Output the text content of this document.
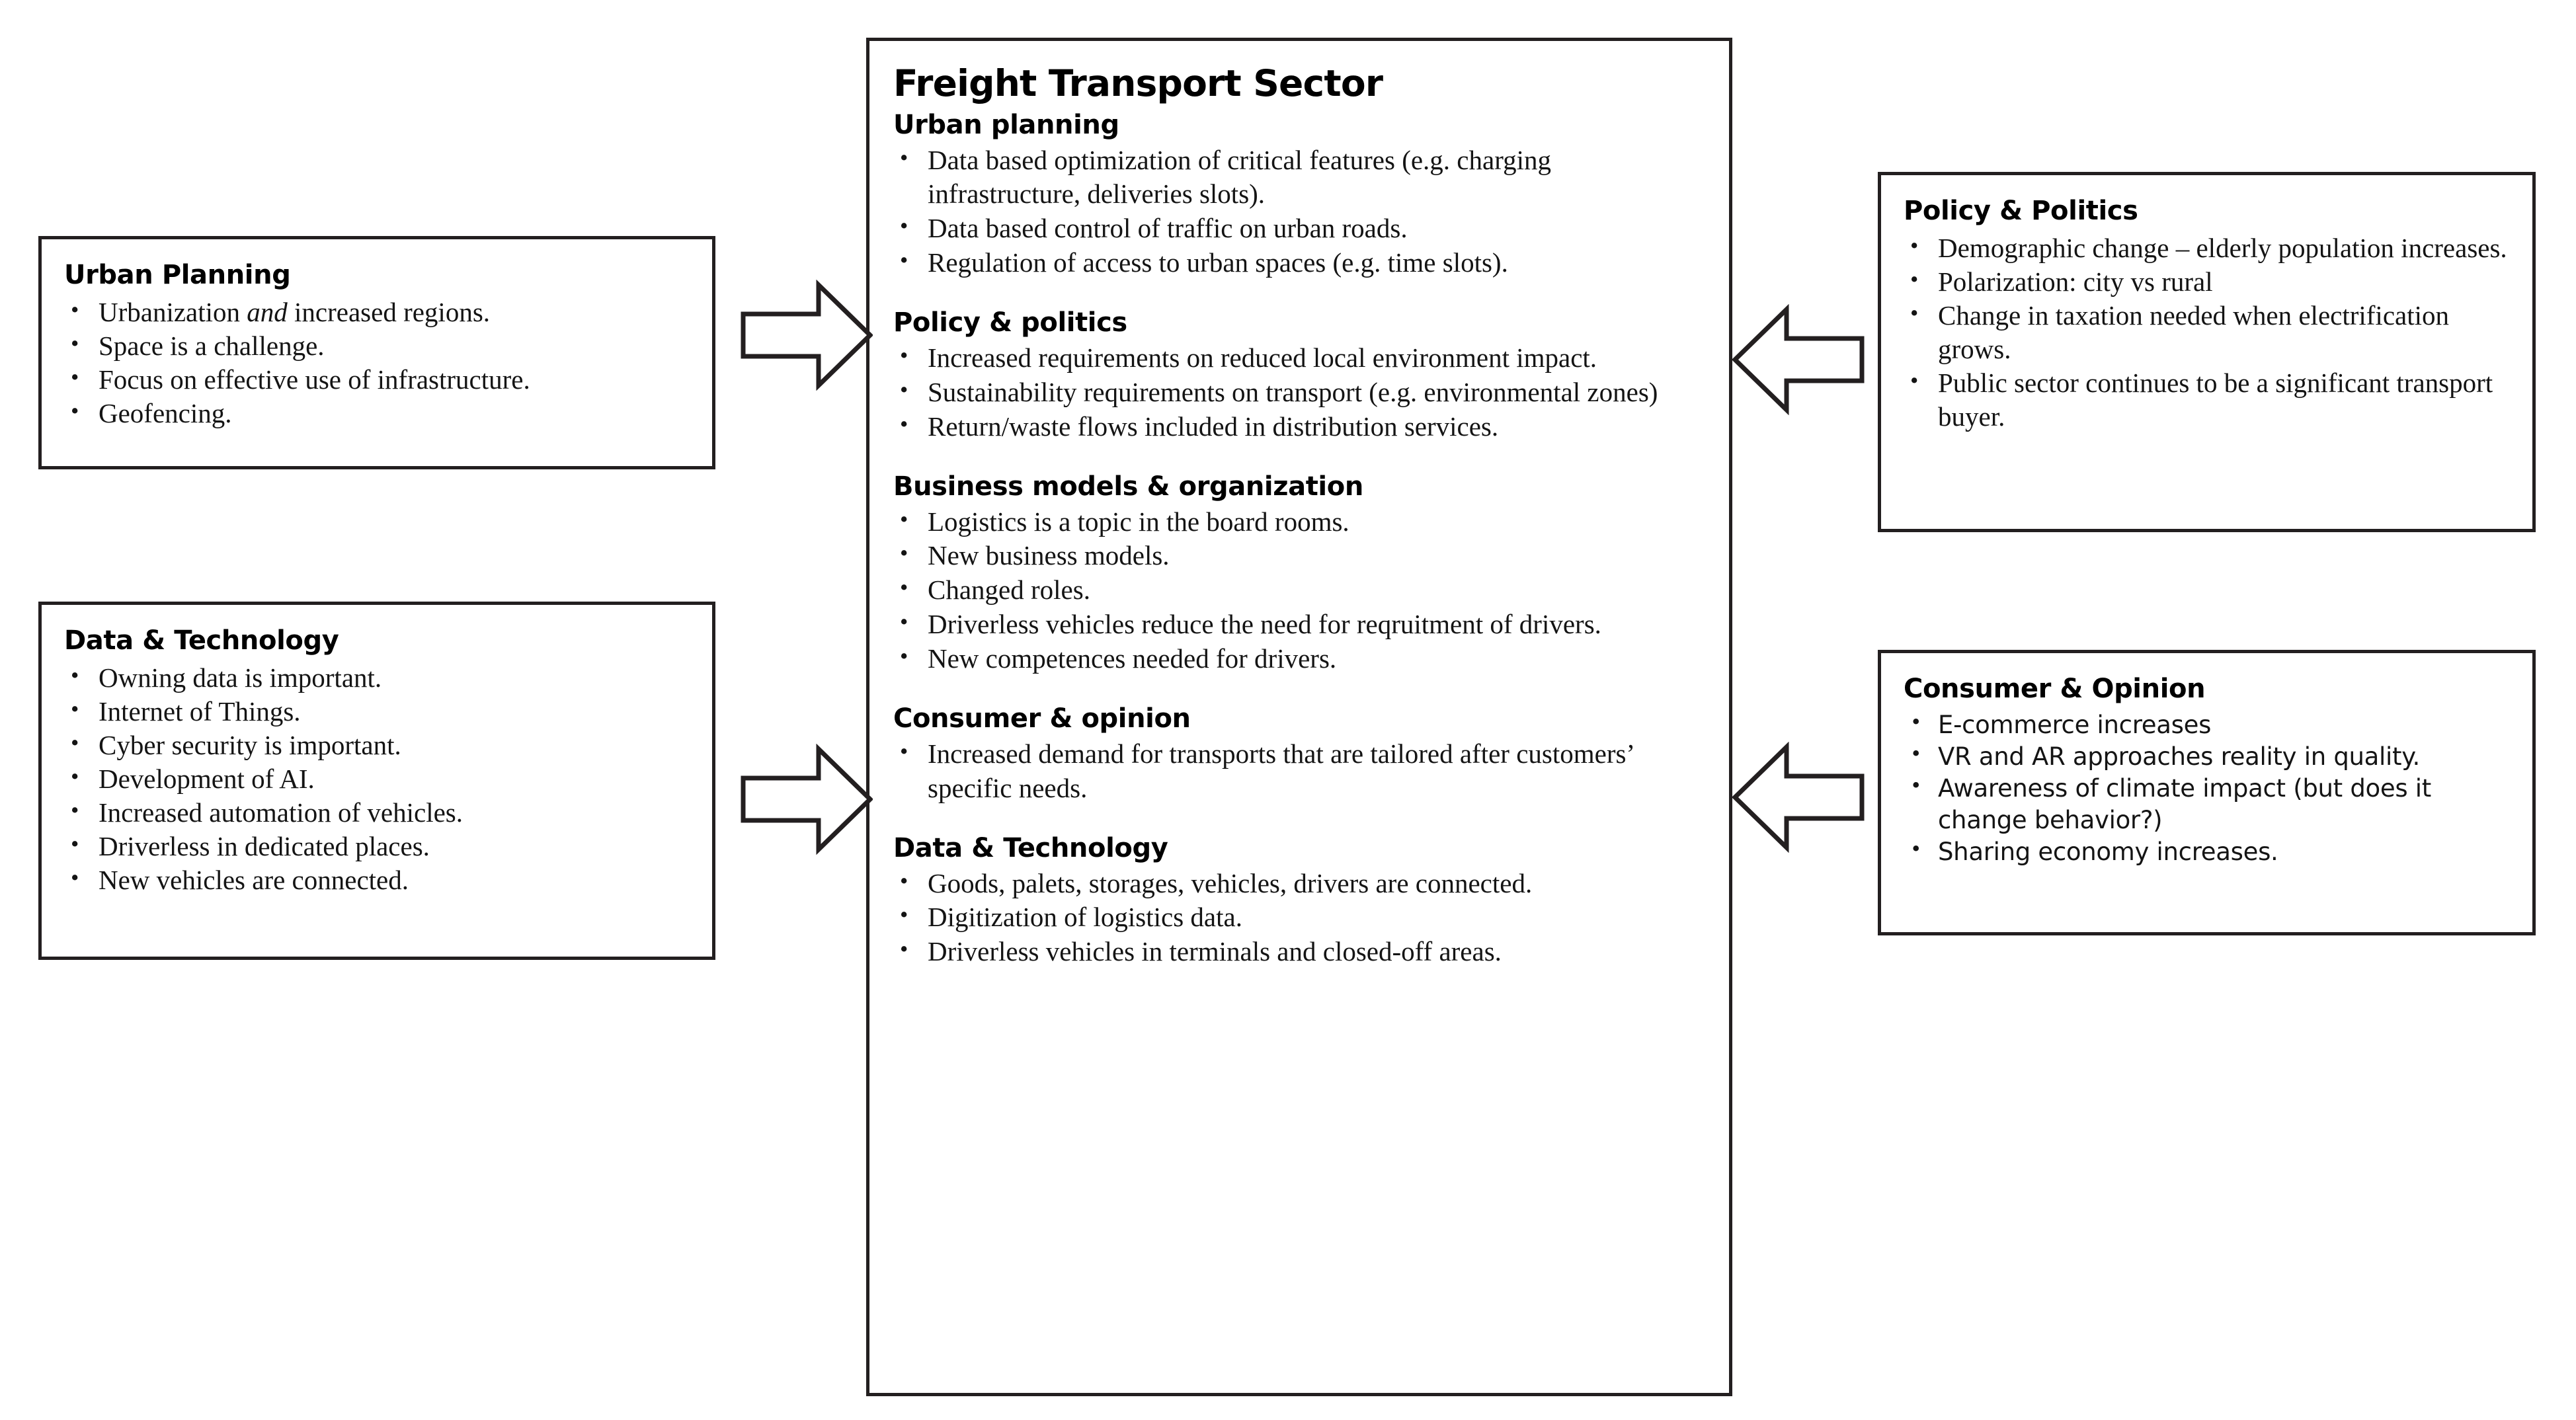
Urban Planning
• Urbanization and increased regions.
• Space is a challenge.
• Focus on effective use of infrastructure.
• Geofencing.
Data & Technology
• Owning data is important.
• Internet of Things.
• Cyber security is important.
• Development of AI.
• Increased automation of vehicles.
• Driverless in dedicated places.
• New vehicles are connected.
Freight Transport Sector
Urban planning
• Data based optimization of critical features (e.g. charging infrastructure, deliveries slots).
• Data based control of traffic on urban roads.
• Regulation of access to urban spaces (e.g. time slots).
Policy & politics
• Increased requirements on reduced local environment impact.
• Sustainability requirements on transport (e.g. environmental zones)
• Return/waste flows included in distribution services.
Business models & organization
• Logistics is a topic in the board rooms.
• New business models.
• Changed roles.
• Driverless vehicles reduce the need for reqruitment of drivers.
• New competences needed for drivers.
Consumer & opinion
• Increased demand for transports that are tailored after customers’ specific needs.
Data & Technology
• Goods, palets, storages, vehicles, drivers are connected.
• Digitization of logistics data.
• Driverless vehicles in terminals and closed-off areas.
Policy & Politics
• Demographic change – elderly population increases.
• Polarization: city vs rural
• Change in taxation needed when electrification grows.
• Public sector continues to be a significant transport buyer.
Consumer & Opinion
• E-commerce increases
• VR and AR approaches reality in quality.
• Awareness of climate impact (but does it change behavior?)
• Sharing economy increases.
